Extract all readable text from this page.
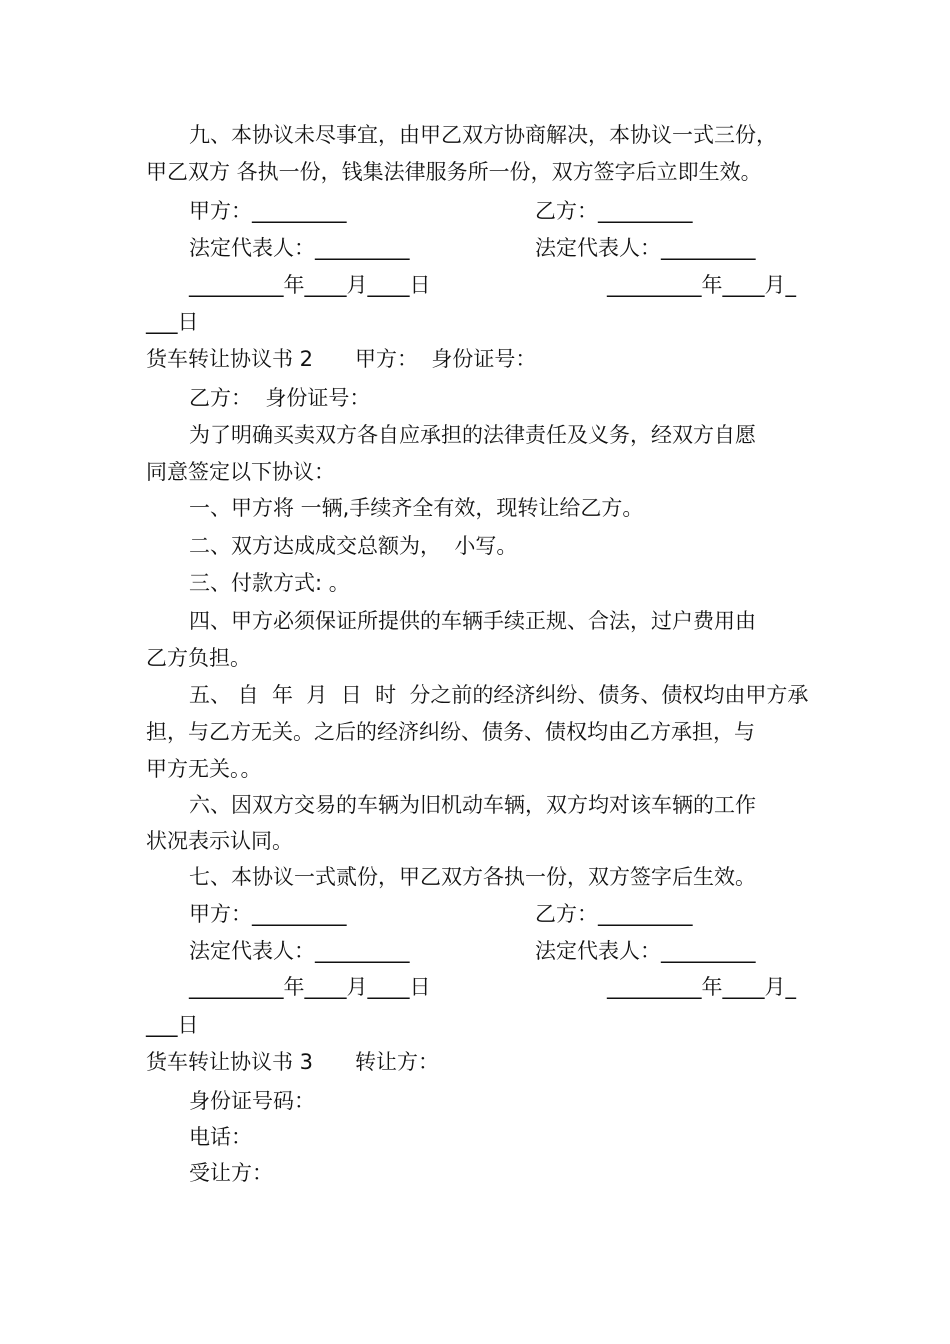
九、本协议未尽事宜，由甲乙双方协商解决，本协议一式三份，
甲乙双方 各执一份，钱集法律服务所一份，双方签字后立即生效。
甲方：_________	乙方：_________
法定代表人：_________	法定代表人：_________
_________年____月____日	_________年____月_
___日
货车转让协议书 2　　甲方：  身份证号：
乙方：  身份证号：
为了明确买卖双方各自应承担的法律责任及义务，经双方自愿
同意签定以下协议：
一、甲方将 一辆,手续齐全有效，现转让给乙方。
二、双方达成成交总额为，  小写。
三、付款方式: 。
四、甲方必须保证所提供的车辆手续正规、合法，过户费用由
乙方负担。
五、 自  年  月  日  时  分之前的经济纠纷、债务、债权均由甲方承
担，与乙方无关。之后的经济纠纷、债务、债权均由乙方承担，与
甲方无关。。
六、因双方交易的车辆为旧机动车辆，双方均对该车辆的工作
状况表示认同。
七、本协议一式贰份，甲乙双方各执一份，双方签字后生效。
甲方：_________	乙方：_________
法定代表人：_________	法定代表人：_________
_________年____月____日	_________年____月_
___日
货车转让协议书 3　　转让方：
身份证号码：
电话：
受让方：
